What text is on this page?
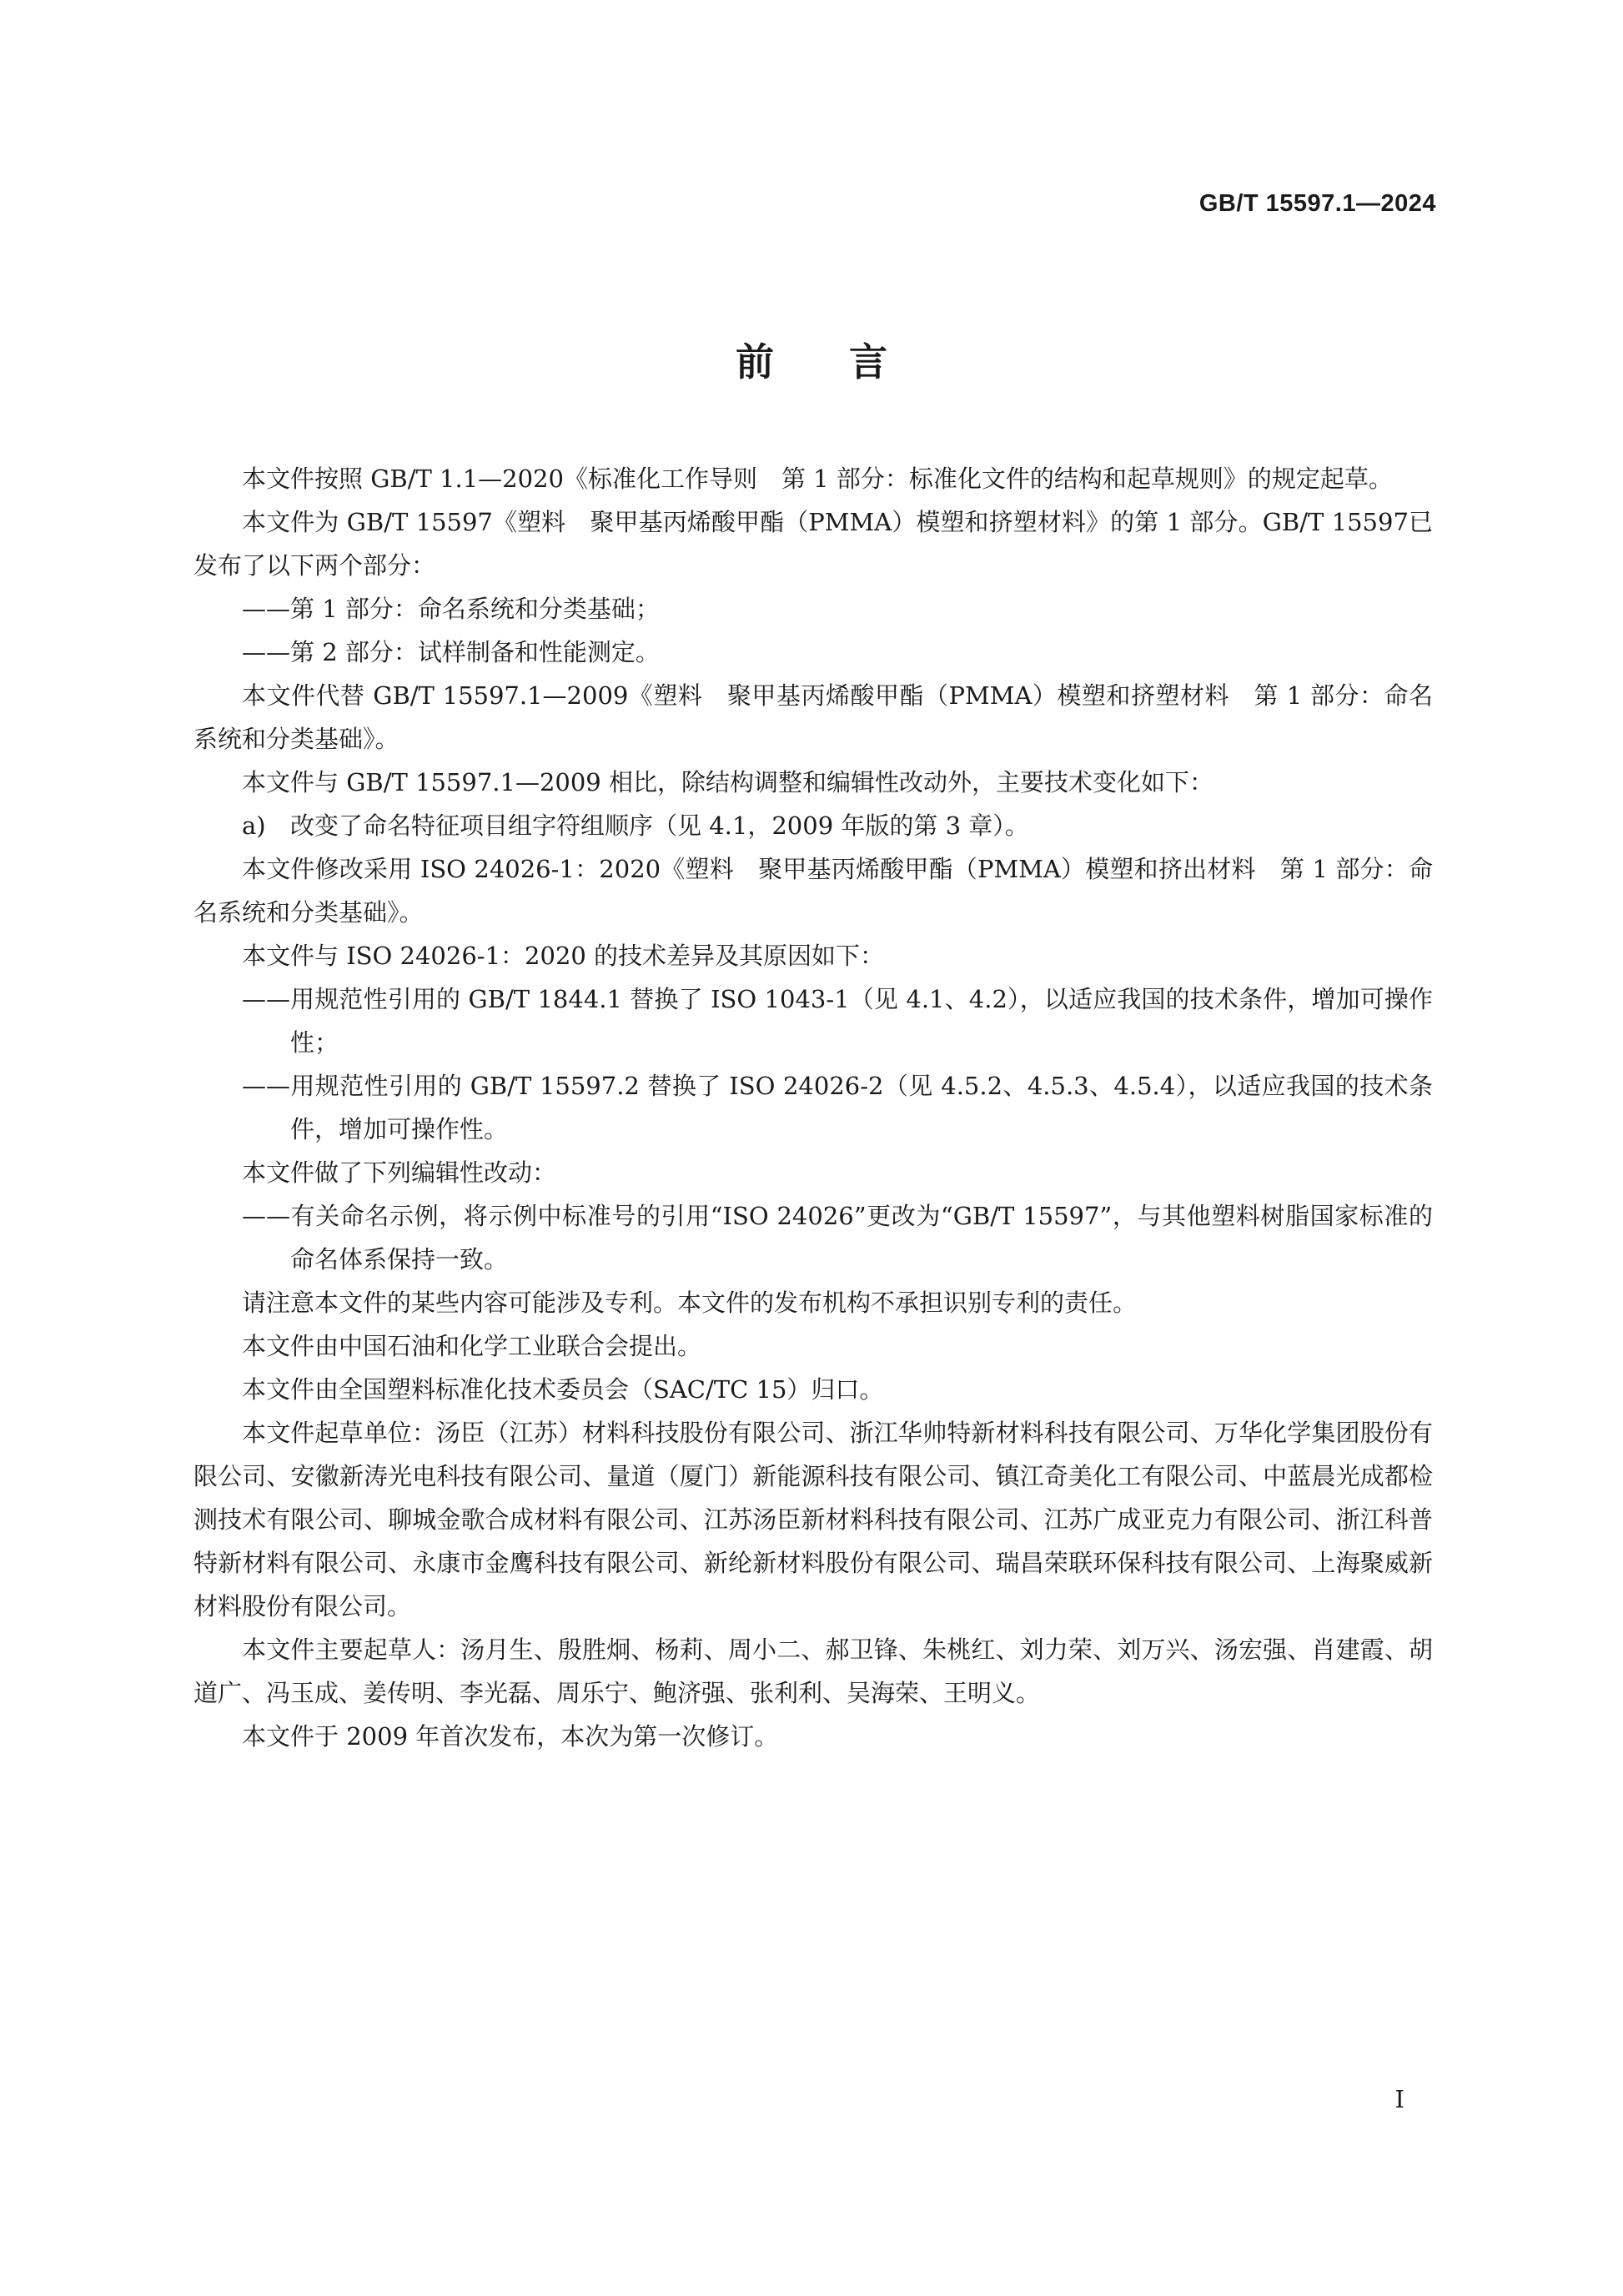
GB/T 15597.1—2024
前言

本文件按照 GB/T 1.1—2020《标准化工作导则　第 1 部分：标准化文件的结构和起草规则》的规定起草。

本文件为 GB/T 15597《塑料　聚甲基丙烯酸甲酯（PMMA）模塑和挤塑材料》的第 1 部分。GB/T 15597已发布了以下两个部分：

——第 1 部分：命名系统和分类基础；

——第 2 部分：试样制备和性能测定。

本文件代替 GB/T 15597.1—2009《塑料　聚甲基丙烯酸甲酯（PMMA）模塑和挤塑材料　第 1 部分：命名系统和分类基础》。

本文件与 GB/T 15597.1—2009 相比，除结构调整和编辑性改动外，主要技术变化如下：

a) 改变了命名特征项目组字符组顺序（见 4.1，2009 年版的第 3 章）。

本文件修改采用 ISO 24026-1：2020《塑料　聚甲基丙烯酸甲酯（PMMA）模塑和挤出材料　第 1 部分：命名系统和分类基础》。

本文件与 ISO 24026-1：2020 的技术差异及其原因如下：

——用规范性引用的 GB/T 1844.1 替换了 ISO 1043-1（见 4.1、4.2），以适应我国的技术条件，增加可操作性；

——用规范性引用的 GB/T 15597.2 替换了 ISO 24026-2（见 4.5.2、4.5.3、4.5.4），以适应我国的技术条件，增加可操作性。

本文件做了下列编辑性改动：

——有关命名示例，将示例中标准号的引用“ISO 24026”更改为“GB/T 15597”，与其他塑料树脂国家标准的命名体系保持一致。

请注意本文件的某些内容可能涉及专利。本文件的发布机构不承担识别专利的责任。

本文件由中国石油和化学工业联合会提出。

本文件由全国塑料标准化技术委员会（SAC/TC 15）归口。

本文件起草单位：汤臣（江苏）材料科技股份有限公司、浙江华帅特新材料科技有限公司、万华化学集团股份有限公司、安徽新涛光电科技有限公司、量道（厦门）新能源科技有限公司、镇江奇美化工有限公司、中蓝晨光成都检测技术有限公司、聊城金歌合成材料有限公司、江苏汤臣新材料科技有限公司、江苏广成亚克力有限公司、浙江科普特新材料有限公司、永康市金鹰科技有限公司、新纶新材料股份有限公司、瑞昌荣联环保科技有限公司、上海聚威新材料股份有限公司。

本文件主要起草人：汤月生、殷胜炯、杨莉、周小二、郝卫锋、朱桃红、刘力荣、刘万兴、汤宏强、肖建霞、胡道广、冯玉成、姜传明、李光磊、周乐宁、鲍济强、张利利、吴海荣、王明义。

本文件于 2009 年首次发布，本次为第一次修订。

I
